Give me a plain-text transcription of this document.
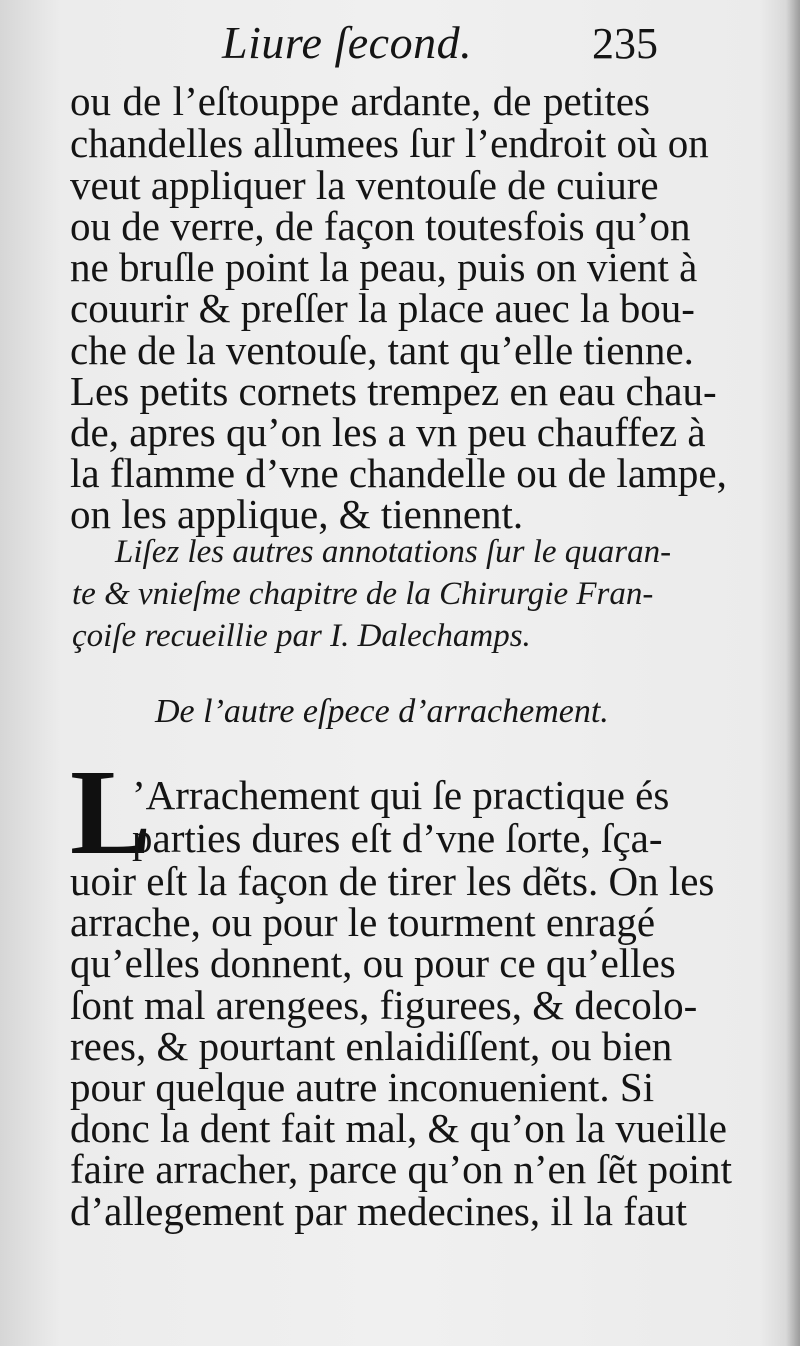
Liure ſecond.	235
ou de l’eſtouppe ardante, de petites
chandelles allumees ſur l’endroit où on
veut appliquer la ventouſe de cuiure
ou de verre, de façon toutesfois qu’on
ne bruſle point la peau, puis on vient à
couurir & preſſer la place auec la bou-
che de la ventouſe, tant qu’elle tienne.
Les petits cornets trempez en eau chau-
de, apres qu’on les a vn peu chauffez à
la flamme d’vne chandelle ou de lampe,
on les applique, & tiennent.
Liſez les autres annotations ſur le quaran-
te & vnieſme chapitre de la Chirurgie Fran-
çoiſe recueillie par I. Dalechamps.
De l’autre eſpece d’arrachement.
L
’Arrachement qui ſe practique és
parties dures eſt d’vne ſorte, ſça-
uoir eſt la façon de tirer les dẽts. On les
arrache, ou pour le tourment enragé
qu’elles donnent, ou pour ce qu’elles
ſont mal arengees, figurees, & decolo-
rees, & pourtant enlaidiſſent, ou bien
pour quelque autre inconuenient. Si
donc la dent fait mal, & qu’on la vueille
faire arracher, parce qu’on n’en ſẽt point
d’allegement par medecines, il la faut
